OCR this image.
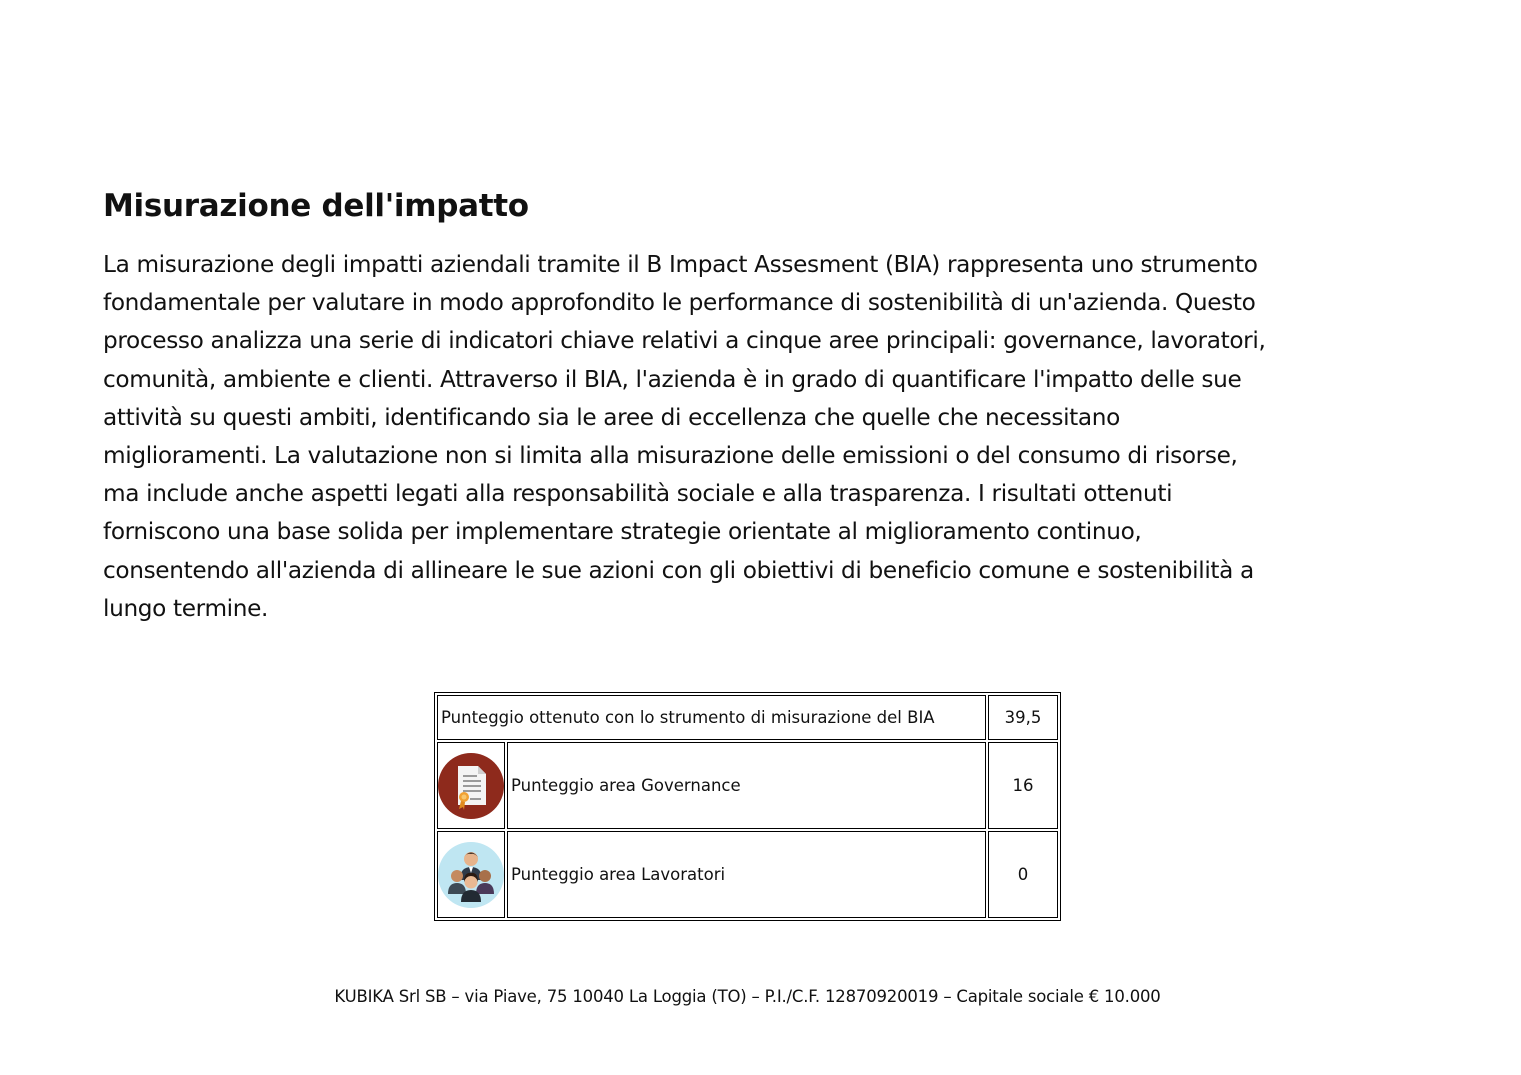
Misurazione dell'impatto

La misurazione degli impatti aziendali tramite il B Impact Assesment (BIA) rappresenta uno strumento
fondamentale per valutare in modo approfondito le performance di sostenibilità di un'azienda. Questo
processo analizza una serie di indicatori chiave relativi a cinque aree principali: governance, lavoratori,
comunità, ambiente e clienti. Attraverso il BIA, l'azienda è in grado di quantificare l'impatto delle sue
attività su questi ambiti, identificando sia le aree di eccellenza che quelle che necessitano
miglioramenti. La valutazione non si limita alla misurazione delle emissioni o del consumo di risorse,
ma include anche aspetti legati alla responsabilità sociale e alla trasparenza. I risultati ottenuti
forniscono una base solida per implementare strategie orientate al miglioramento continuo,
consentendo all'azienda di allineare le sue azioni con gli obiettivi di beneficio comune e sostenibilità a
lungo termine.

Punteggio ottenuto con lo strumento di misurazione del BIA		39,5

	Punteggio area Governance	16

	Punteggio area Lavoratori	0
KUBIKA Srl SB – via Piave, 75 10040 La Loggia (TO) – P.I./C.F. 12870920019 – Capitale sociale € 10.000
